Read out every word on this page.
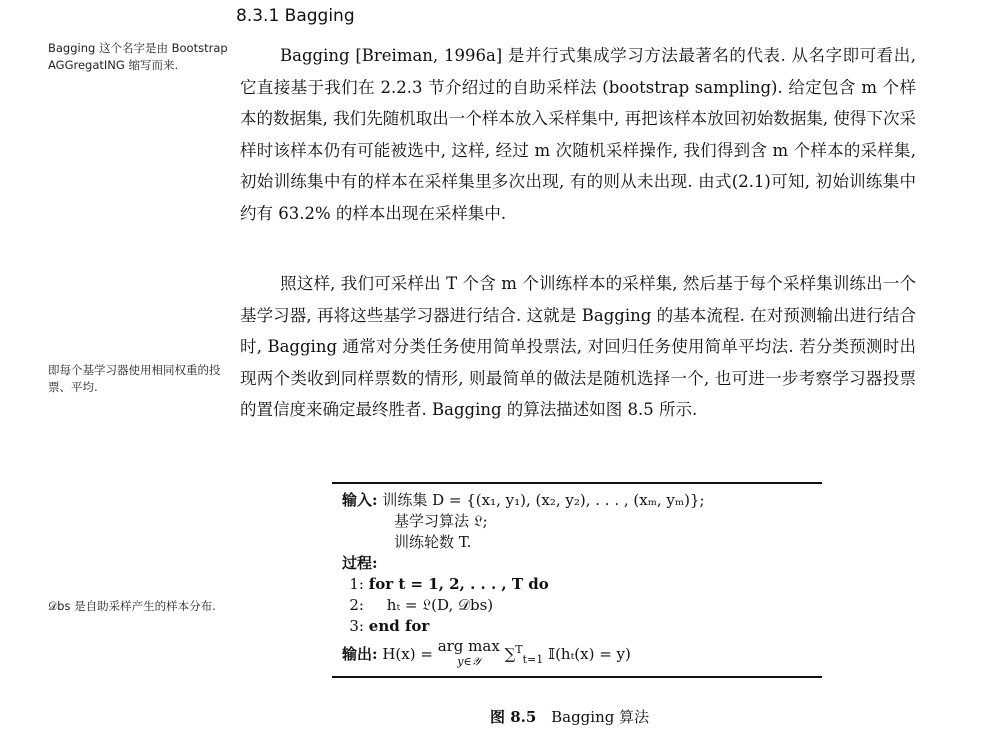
8.3.1 Bagging
Bagging 这个名字是由 Bootstrap AGGregatING 缩写而来.
即每个基学习器使用相同权重的投票、平均.
𝒟bs 是自助采样产生的样本分布.

Bagging [Breiman, 1996a] 是并行式集成学习方法最著名的代表. 从名字即可看出, 它直接基于我们在 2.2.3 节介绍过的自助采样法 (bootstrap sampling). 给定包含 m 个样本的数据集, 我们先随机取出一个样本放入采样集中, 再把该样本放回初始数据集, 使得下次采样时该样本仍有可能被选中, 这样, 经过 m 次随机采样操作, 我们得到含 m 个样本的采样集, 初始训练集中有的样本在采样集里多次出现, 有的则从未出现. 由式(2.1)可知, 初始训练集中约有 63.2% 的样本出现在采样集中.

照这样, 我们可采样出 T 个含 m 个训练样本的采样集, 然后基于每个采样集训练出一个基学习器, 再将这些基学习器进行结合. 这就是 Bagging 的基本流程. 在对预测输出进行结合时, Bagging 通常对分类任务使用简单投票法, 对回归任务使用简单平均法. 若分类预测时出现两个类收到同样票数的情形, 则最简单的做法是随机选择一个, 也可进一步考察学习器投票的置信度来确定最终胜者. Bagging 的算法描述如图 8.5 所示.

输入: 训练集 D = {(x₁, y₁), (x₂, y₂), . . . , (xₘ, yₘ)};
基学习算法 𝔏;
训练轮数 T.
过程:
1: for t = 1, 2, . . . , T do
2: hₜ = 𝔏(D, 𝒟bs)
3: end for
输出: H(x) = arg max
y∈𝒴	∑$^T_{t=1}$ 𝕀(hₜ(x) = y)
图 8.5 Bagging 算法
